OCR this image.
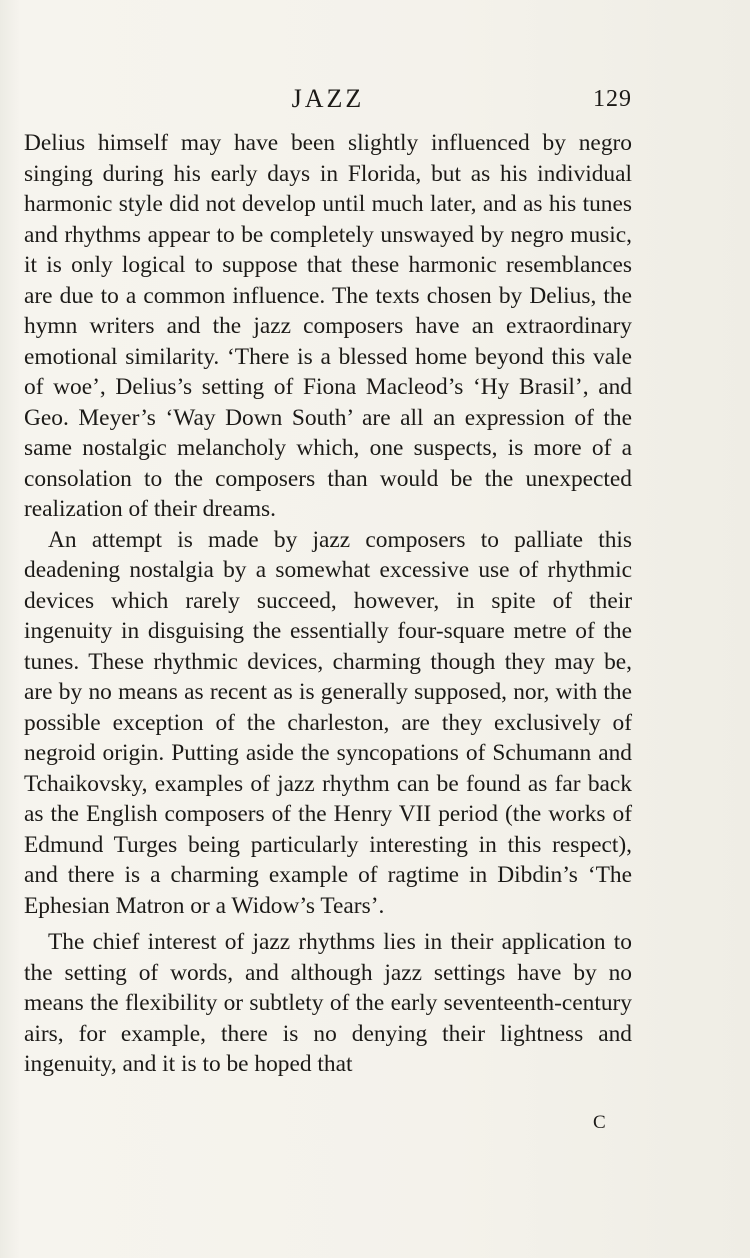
JAZZ	129

Delius himself may have been slightly influenced by negro singing during his early days in Florida, but as his individual harmonic style did not develop until much later, and as his tunes and rhythms appear to be completely unswayed by negro music, it is only logical to suppose that these harmonic resemblances are due to a common influence. The texts chosen by Delius, the hymn writers and the jazz composers have an extraordinary emotional similarity. ‘There is a blessed home beyond this vale of woe’, Delius’s setting of Fiona Macleod’s ‘Hy Brasil’, and Geo. Meyer’s ‘Way Down South’ are all an expression of the same nostalgic melancholy which, one suspects, is more of a consolation to the composers than would be the unexpected realization of their dreams.

An attempt is made by jazz composers to palliate this deadening nostalgia by a somewhat excessive use of rhythmic devices which rarely succeed, however, in spite of their ingenuity in disguising the essentially four-square metre of the tunes. These rhythmic devices, charming though they may be, are by no means as recent as is generally supposed, nor, with the possible exception of the charleston, are they exclusively of negroid origin. Putting aside the syncopations of Schumann and Tchaikovsky, examples of jazz rhythm can be found as far back as the English composers of the Henry VII period (the works of Edmund Turges being particularly interesting in this respect), and there is a charming example of ragtime in Dibdin’s ‘The Ephesian Matron or a Widow’s Tears’.

The chief interest of jazz rhythms lies in their application to the setting of words, and although jazz settings have by no means the flexibility or subtlety of the early seventeenth-century airs, for example, there is no denying their lightness and ingenuity, and it is to be hoped that

C
